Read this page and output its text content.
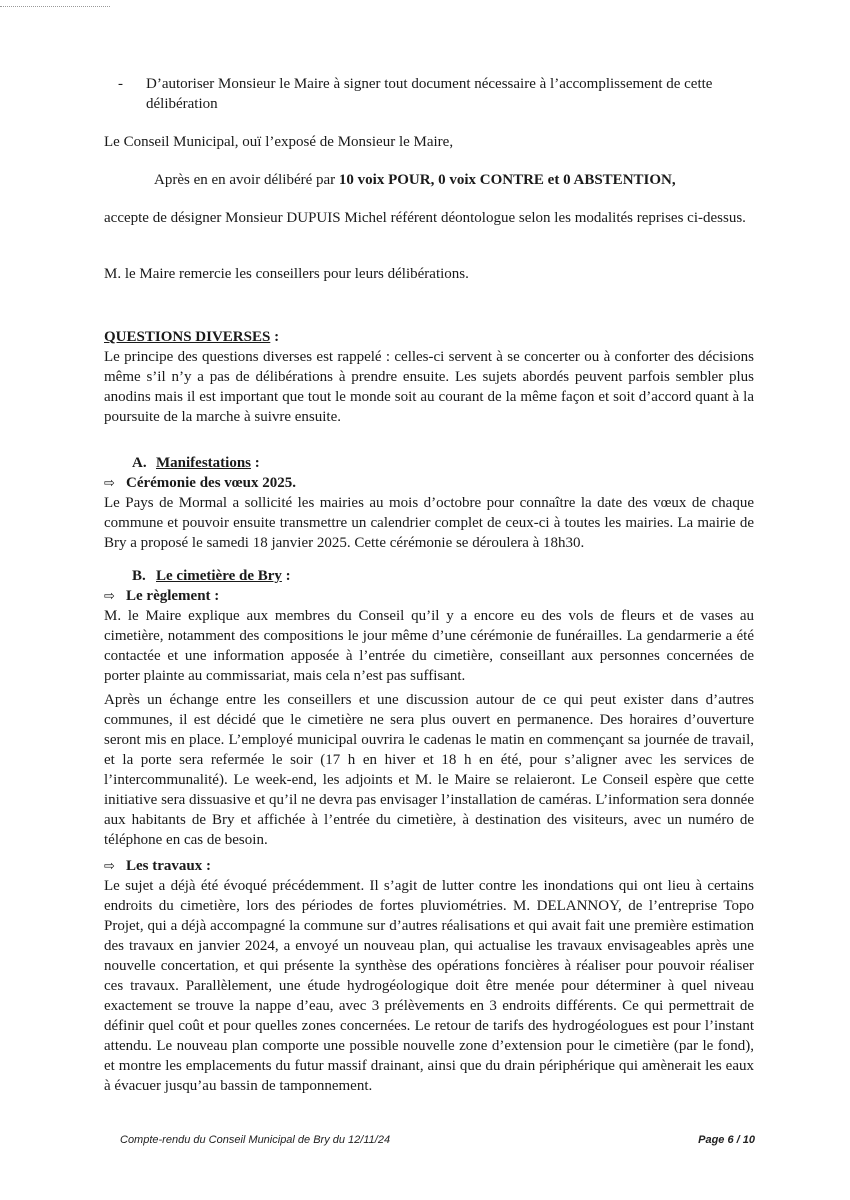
-	D’autoriser Monsieur le Maire à signer tout document nécessaire à l’accomplissement de cette délibération

Le Conseil Municipal, ouï l’exposé de Monsieur le Maire,

Après en en avoir délibéré par 10 voix POUR, 0 voix CONTRE et 0 ABSTENTION,

accepte de désigner Monsieur DUPUIS Michel référent déontologue selon les modalités reprises ci-dessus.

M. le Maire remercie les conseillers pour leurs délibérations.

QUESTIONS DIVERSES :

Le principe des questions diverses est rappelé : celles-ci servent à se concerter ou à conforter des décisions même s’il n’y a pas de délibérations à prendre ensuite. Les sujets abordés peuvent parfois sembler plus anodins mais il est important que tout le monde soit au courant de la même façon et soit d’accord quant à la poursuite de la marche à suivre ensuite.

A. Manifestations :

⇨ Cérémonie des vœux 2025.

Le Pays de Mormal a sollicité les mairies au mois d’octobre pour connaître la date des vœux de chaque commune et pouvoir ensuite transmettre un calendrier complet de ceux-ci à toutes les mairies. La mairie de Bry a proposé le samedi 18 janvier 2025. Cette cérémonie se déroulera à 18h30.

B. Le cimetière de Bry :

⇨ Le règlement :

M. le Maire explique aux membres du Conseil qu’il y a encore eu des vols de fleurs et de vases au cimetière, notamment des compositions le jour même d’une cérémonie de funérailles. La gendarmerie a été contactée et une information apposée à l’entrée du cimetière, conseillant aux personnes concernées de porter plainte au commissariat, mais cela n’est pas suffisant.

Après un échange entre les conseillers et une discussion autour de ce qui peut exister dans d’autres communes, il est décidé que le cimetière ne sera plus ouvert en permanence. Des horaires d’ouverture seront mis en place. L’employé municipal ouvrira le cadenas le matin en commençant sa journée de travail, et la porte sera refermée le soir (17 h en hiver et 18 h en été, pour s’aligner avec les services de l’intercommunalité). Le week-end, les adjoints et M. le Maire se relaieront. Le Conseil espère que cette initiative sera dissuasive et qu’il ne devra pas envisager l’installation de caméras. L’information sera donnée aux habitants de Bry et affichée à l’entrée du cimetière, à destination des visiteurs, avec un numéro de téléphone en cas de besoin.

⇨ Les travaux :

Le sujet a déjà été évoqué précédemment. Il s’agit de lutter contre les inondations qui ont lieu à certains endroits du cimetière, lors des périodes de fortes pluviométries. M. DELANNOY, de l’entreprise Topo Projet, qui a déjà accompagné la commune sur d’autres réalisations et qui avait fait une première estimation des travaux en janvier 2024, a envoyé un nouveau plan, qui actualise les travaux envisageables après une nouvelle concertation, et qui présente la synthèse des opérations foncières à réaliser pour pouvoir réaliser ces travaux. Parallèlement, une étude hydrogéologique doit être menée pour déterminer à quel niveau exactement se trouve la nappe d’eau, avec 3 prélèvements en 3 endroits différents. Ce qui permettrait de définir quel coût et pour quelles zones concernées. Le retour de tarifs des hydrogéologues est pour l’instant attendu. Le nouveau plan comporte une possible nouvelle zone d’extension pour le cimetière (par le fond), et montre les emplacements du futur massif drainant, ainsi que du drain périphérique qui amènerait les eaux à évacuer jusqu’au bassin de tamponnement.

Compte-rendu du Conseil Municipal de Bry du 12/11/24	Page 6 / 10
